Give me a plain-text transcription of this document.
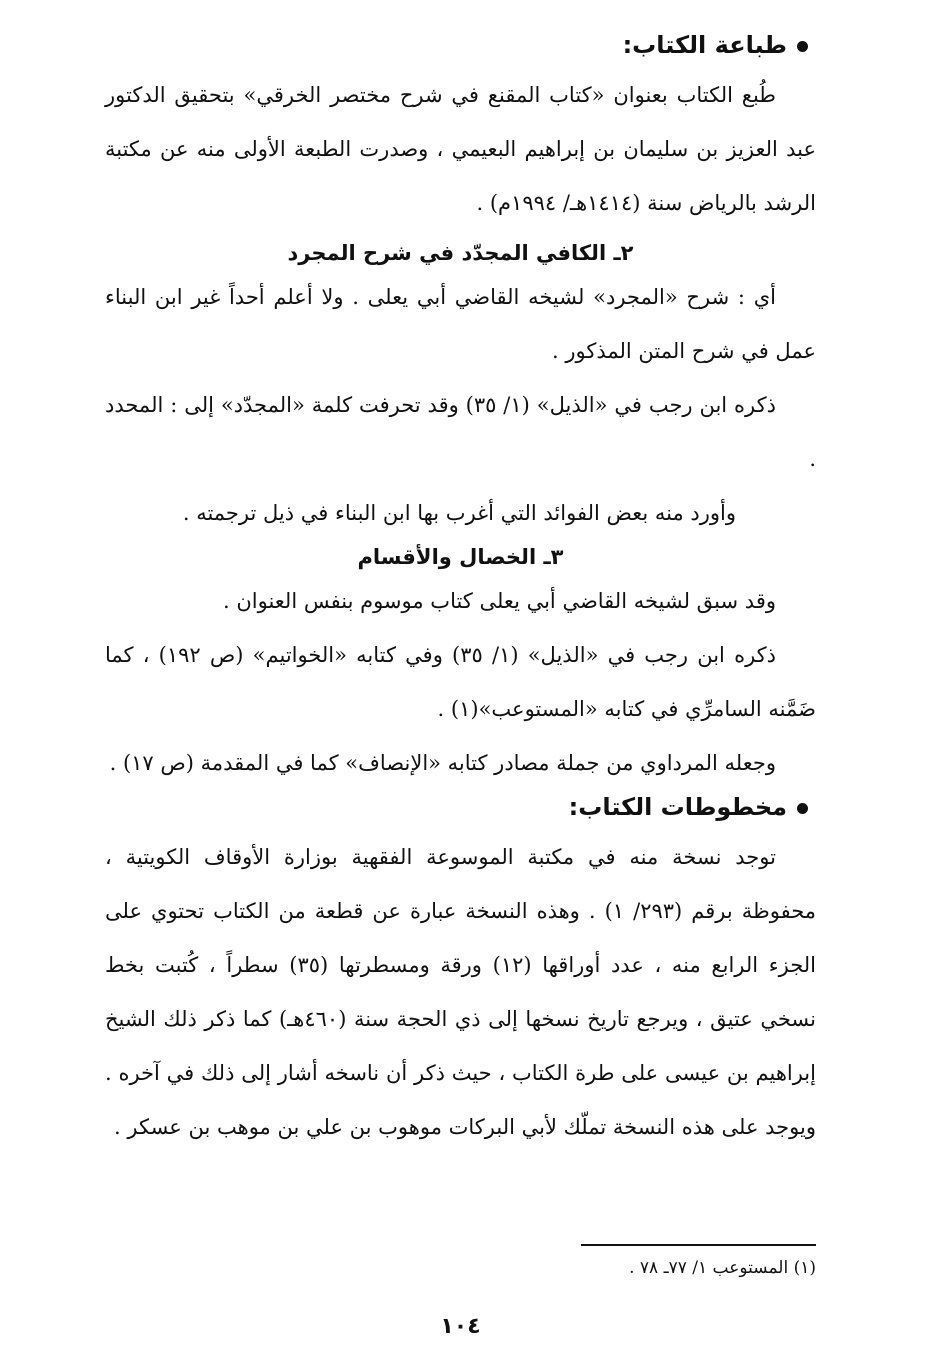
طباعة الكتاب:

طُبع الكتاب بعنوان «كتاب المقنع في شرح مختصر الخرقي» بتحقيق الدكتور عبد العزيز بن سليمان بن إبراهيم البعيمي ، وصدرت الطبعة الأولى منه عن مكتبة الرشد بالرياض سنة (١٤١٤هـ/ ١٩٩٤م) .

٢ـ الكافي المجدّد في شرح المجرد

أي : شرح «المجرد» لشيخه القاضي أبي يعلى . ولا أعلم أحداً غير ابن البناء عمل في شرح المتن المذكور .

ذكره ابن رجب في «الذيل» (١/ ٣٥) وقد تحرفت كلمة «المجدّد» إلى : المحدد .

وأورد منه بعض الفوائد التي أغرب بها ابن البناء في ذيل ترجمته .

٣ـ الخصال والأقسام

وقد سبق لشيخه القاضي أبي يعلى كتاب موسوم بنفس العنوان .

ذكره ابن رجب في «الذيل» (١/ ٣٥) وفي كتابه «الخواتيم» (ص ١٩٢) ، كما ضَمَّنه السامرِّي في كتابه «المستوعب»(١) .

وجعله المرداوي من جملة مصادر كتابه «الإنصاف» كما في المقدمة (ص ١٧) .

مخطوطات الكتاب:

توجد نسخة منه في مكتبة الموسوعة الفقهية بوزارة الأوقاف الكويتية ، محفوظة برقم (٢٩٣/ ١) . وهذه النسخة عبارة عن قطعة من الكتاب تحتوي على الجزء الرابع منه ، عدد أوراقها (١٢) ورقة ومسطرتها (٣٥) سطراً ، كُتبت بخط نسخي عتيق ، ويرجع تاريخ نسخها إلى ذي الحجة سنة (٤٦٠هـ) كما ذكر ذلك الشيخ إبراهيم بن عيسى على طرة الكتاب ، حيث ذكر أن ناسخه أشار إلى ذلك في آخره . ويوجد على هذه النسخة تملّك لأبي البركات موهوب بن علي بن موهب بن عسكر .

(١) المستوعب ١/ ٧٧ـ ٧٨ .

١٠٤
